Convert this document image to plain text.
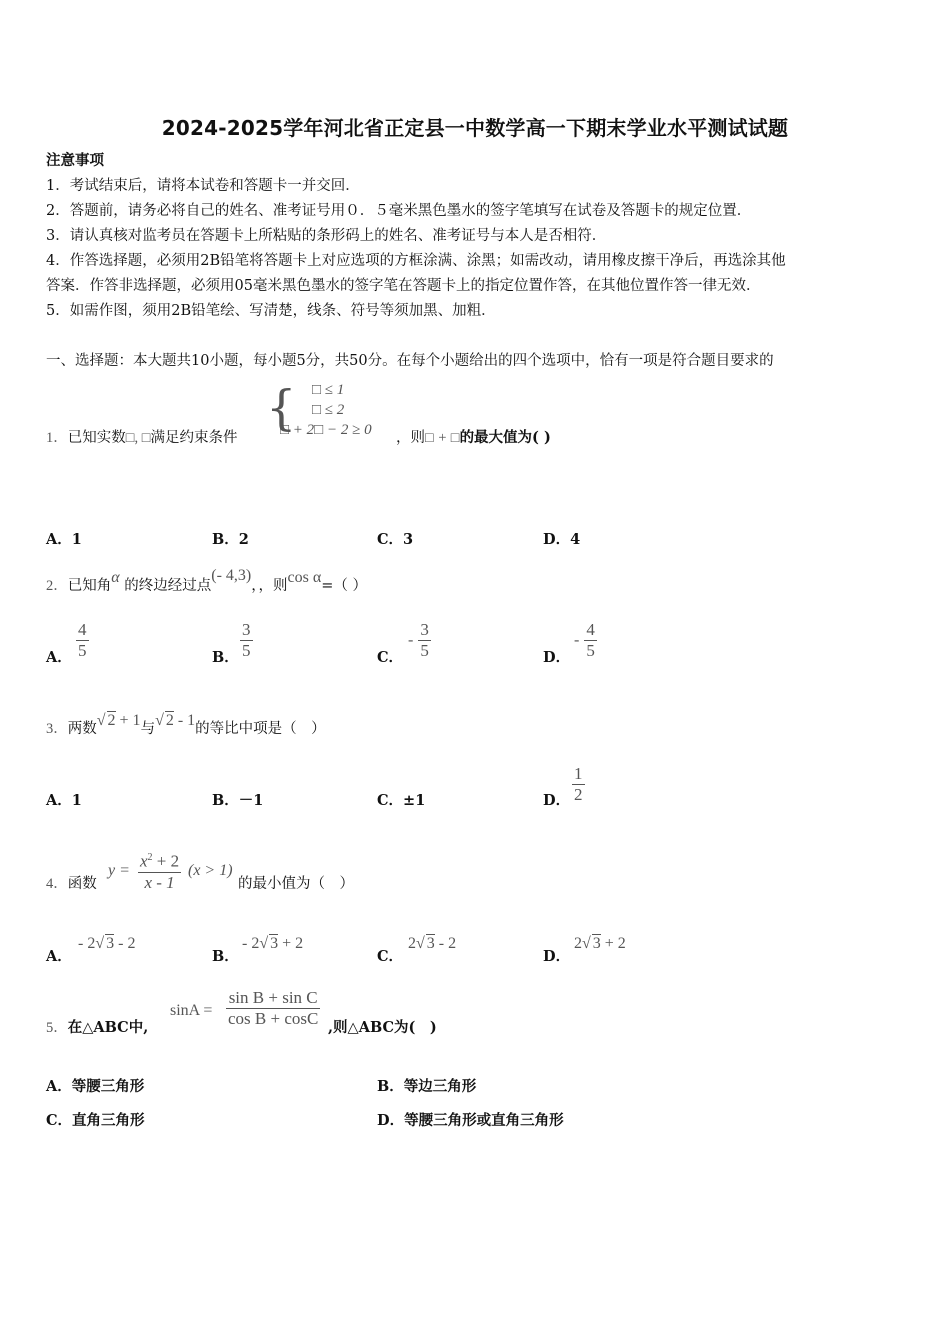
2024-2025学年河北省正定县一中数学高一下期末学业水平测试试题
注意事项
1．考试结束后，请将本试卷和答题卡一并交回．
2．答题前，请务必将自己的姓名、准考证号用０．５毫米黑色墨水的签字笔填写在试卷及答题卡的规定位置．
3．请认真核对监考员在答题卡上所粘贴的条形码上的姓名、准考证号与本人是否相符．
4．作答选择题，必须用2B铅笔将答题卡上对应选项的方框涂满、涂黑；如需改动，请用橡皮擦干净后，再选涂其他
答案．作答非选择题，必须用05毫米黑色墨水的签字笔在答题卡上的指定位置作答，在其他位置作答一律无效．
5．如需作图，须用2B铅笔绘、写清楚，线条、符号等须加黑、加粗．
一、选择题：本大题共10小题，每小题5分，共50分。在每个小题给出的四个选项中，恰有一项是符合题目要求的
1．已知实数□, □满足约束条件
{ □ ≤ 1
□ ≤ 2
□ + 2□ − 2 ≥ 0 ，则□ + □的最大值为( )
A．1	B．2	C．3	D．4
2．已知角α 的终边经过点(- 4,3)，，则cos α=（ ）
A． $\frac{4}{5}$	B． $\frac{3}{5}$	C．
- $\frac{3}{5}$	D．
- $\frac{4}{5}$
3．两数√ 2 + 1与√ 2 - 1的等比中项是（　）
A．1	B．－1	C．±1	D． $\frac{1}{2}$
4．函数
$y = \frac{x^2 + 2}{x - 1} (x > 1)$
的最小值为（　）
A．
- 2√ 3 - 2
B．
- 2√ 3 + 2
C．
2√ 3 - 2
D．
2√ 3 + 2
5．在△ABC中,
$\sin A = \frac{\text{sin B + sin C}}{\text{cos B + cosC}}$ ,则△ABC为(　)
A．等腰三角形	B．等边三角形
C．直角三角形	D．等腰三角形或直角三角形
